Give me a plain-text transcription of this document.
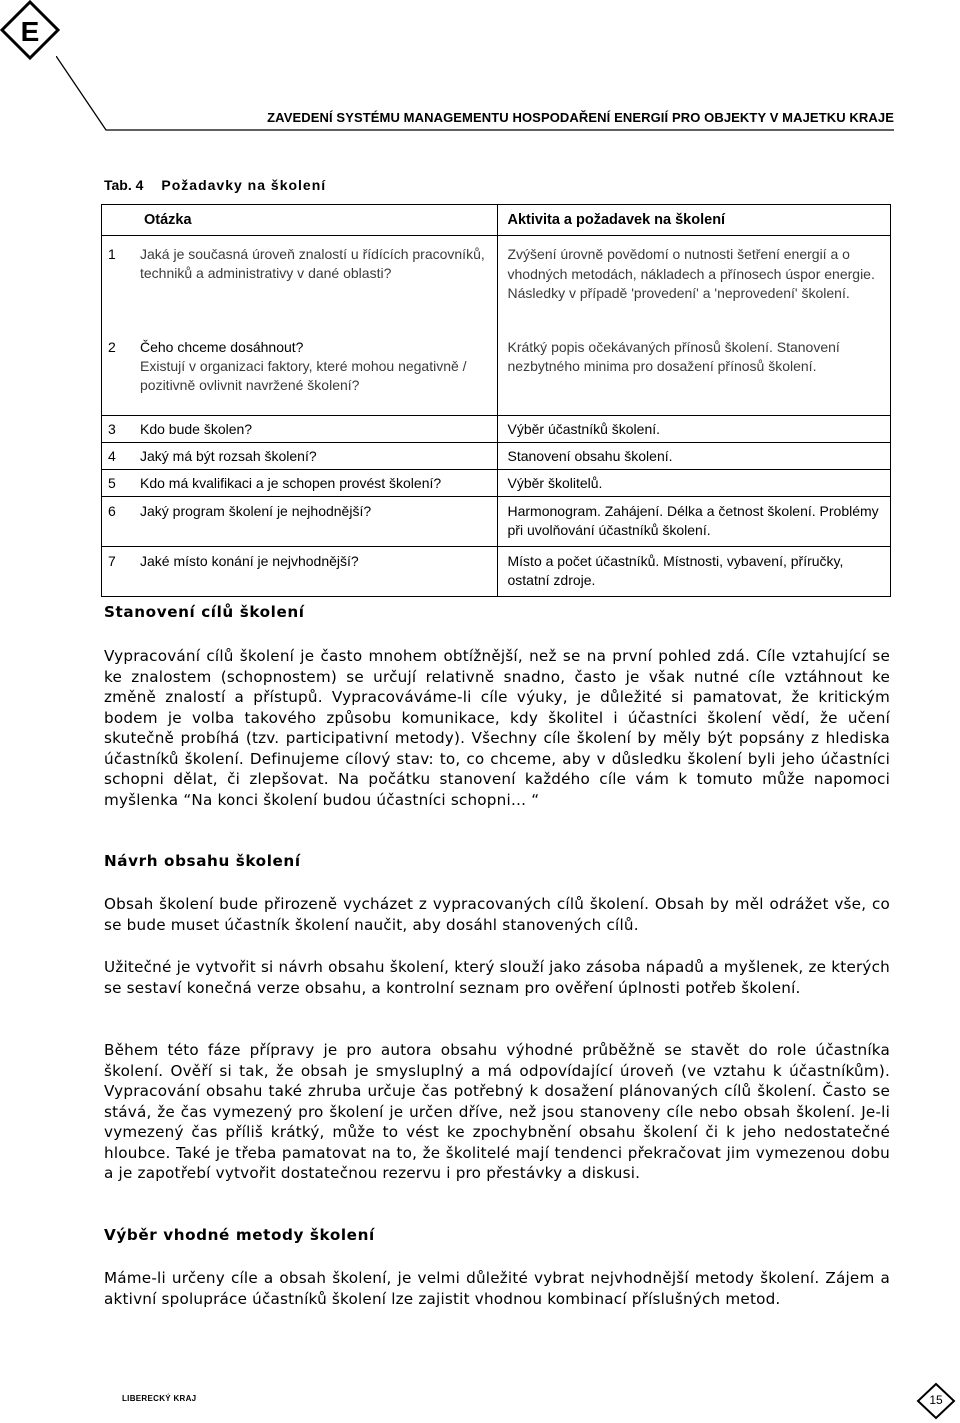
E
ZAVEDENÍ SYSTÉMU MANAGEMENTU HOSPODAŘENÍ ENERGIÍ PRO OBJEKTY V MAJETKU KRAJE
Tab. 4 Požadavky na školení
Otázka	Aktivita a požadavek na školení

1 Jaká je současná úroveň znalostí u řídících pracovníků, techniků a administrativy v dané oblasti?	Zvýšení úrovně povědomí o nutnosti šetření energií a o vhodných metodách, nákladech a přínosech úspor energie. Následky v případě 'provedení' a 'neprovedení' školení.

2 Čeho chceme dosáhnout?
Existují v organizaci faktory, které mohou negativně / pozitivně ovlivnit navržené školení?	Krátký popis očekávaných přínosů školení. Stanovení nezbytného minima pro dosažení přínosů školení.

3 Kdo bude školen?	Výběr účastníků školení.

4 Jaký má být rozsah školení?	Stanovení obsahu školení.

5 Kdo má kvalifikaci a je schopen provést školení?	Výběr školitelů.

6 Jaký program školení je nejhodnější?	Harmonogram. Zahájení. Délka a četnost školení. Problémy při uvolňování účastníků školení.

7 Jaké místo konání je nejvhodnější?	Místo a počet účastníků. Místnosti, vybavení, příručky, ostatní zdroje.
Stanovení cílů školení
Vypracování cílů školení je často mnohem obtížnější, než se na první pohled zdá. Cíle vztahující se ke znalostem (schopnostem) se určují relativně snadno, často je však nutné cíle vztáhnout ke změně znalostí a přístupů. Vypracováváme-li cíle výuky, je důležité si pamatovat, že kritickým bodem je volba takového způsobu komunikace, kdy školitel i účastníci školení vědí, že učení skutečně probíhá (tzv. participativní metody). Všechny cíle školení by měly být popsány z hlediska účastníků školení. Definujeme cílový stav: to, co chceme, aby v důsledku školení byli jeho účastníci schopni dělat, či zlepšovat. Na počátku stanovení každého cíle vám k tomuto může napomoci myšlenka “Na konci školení budou účastníci schopni… “
Návrh obsahu školení
Obsah školení bude přirozeně vycházet z vypracovaných cílů školení. Obsah by měl odrážet vše, co se bude muset účastník školení naučit, aby dosáhl stanovených cílů.
Užitečné je vytvořit si návrh obsahu školení, který slouží jako zásoba nápadů a myšlenek, ze kterých se sestaví konečná verze obsahu, a kontrolní seznam pro ověření úplnosti potřeb školení.
Během této fáze přípravy je pro autora obsahu výhodné průběžně se stavět do role účastníka školení. Ověří si tak, že obsah je smysluplný a má odpovídající úroveň (ve vztahu k účastníkům). Vypracování obsahu také zhruba určuje čas potřebný k dosažení plánovaných cílů školení. Často se stává, že čas vymezený pro školení je určen dříve, než jsou stanoveny cíle nebo obsah školení. Je-li vymezený čas příliš krátký, může to vést ke zpochybnění obsahu školení či k jeho nedostatečné hloubce. Také je třeba pamatovat na to, že školitelé mají tendenci překračovat jim vymezenou dobu a je zapotřebí vytvořit dostatečnou rezervu i pro přestávky a diskusi.
Výběr vhodné metody školení
Máme-li určeny cíle a obsah školení, je velmi důležité vybrat nejvhodnější metody školení. Zájem a aktivní spolupráce účastníků školení lze zajistit vhodnou kombinací příslušných metod.
LIBERECKÝ KRAJ	15
